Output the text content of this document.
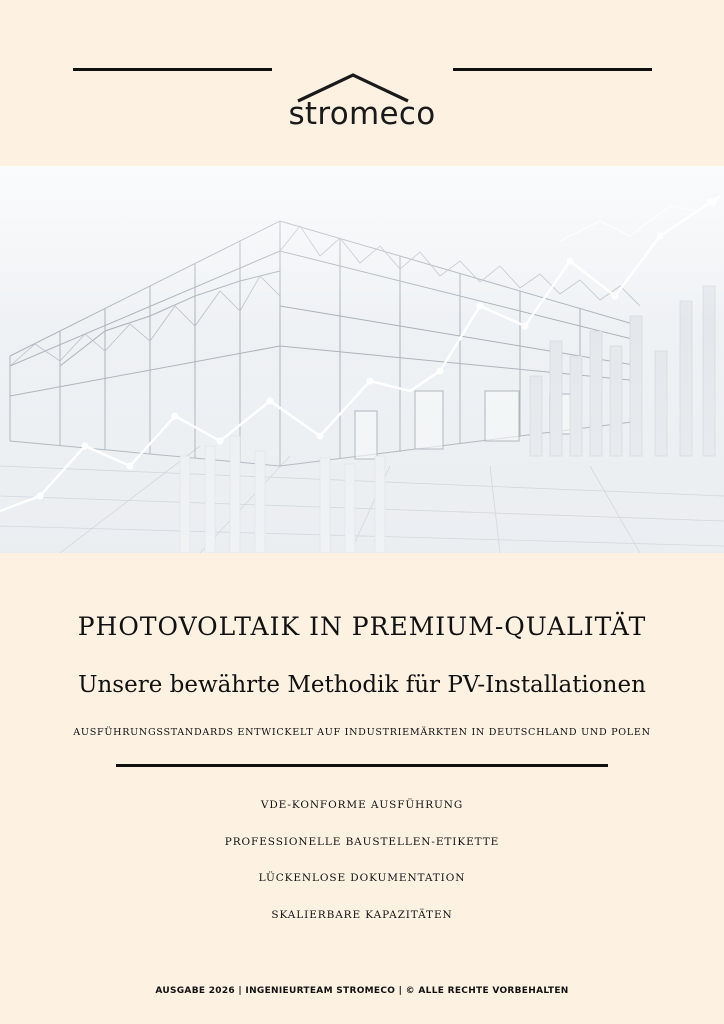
stromeco
PHOTOVOLTAIK IN PREMIUM-QUALITÄT
Unsere bewährte Methodik für PV-Installationen
AUSFÜHRUNGSSTANDARDS ENTWICKELT AUF INDUSTRIEMÄRKTEN IN DEUTSCHLAND UND POLEN
VDE-KONFORME AUSFÜHRUNG
PROFESSIONELLE BAUSTELLEN-ETIKETTE
LÜCKENLOSE DOKUMENTATION
SKALIERBARE KAPAZITÄTEN
AUSGABE 2026 | INGENIEURTEAM STROMECO | © ALLE RECHTE VORBEHALTEN
